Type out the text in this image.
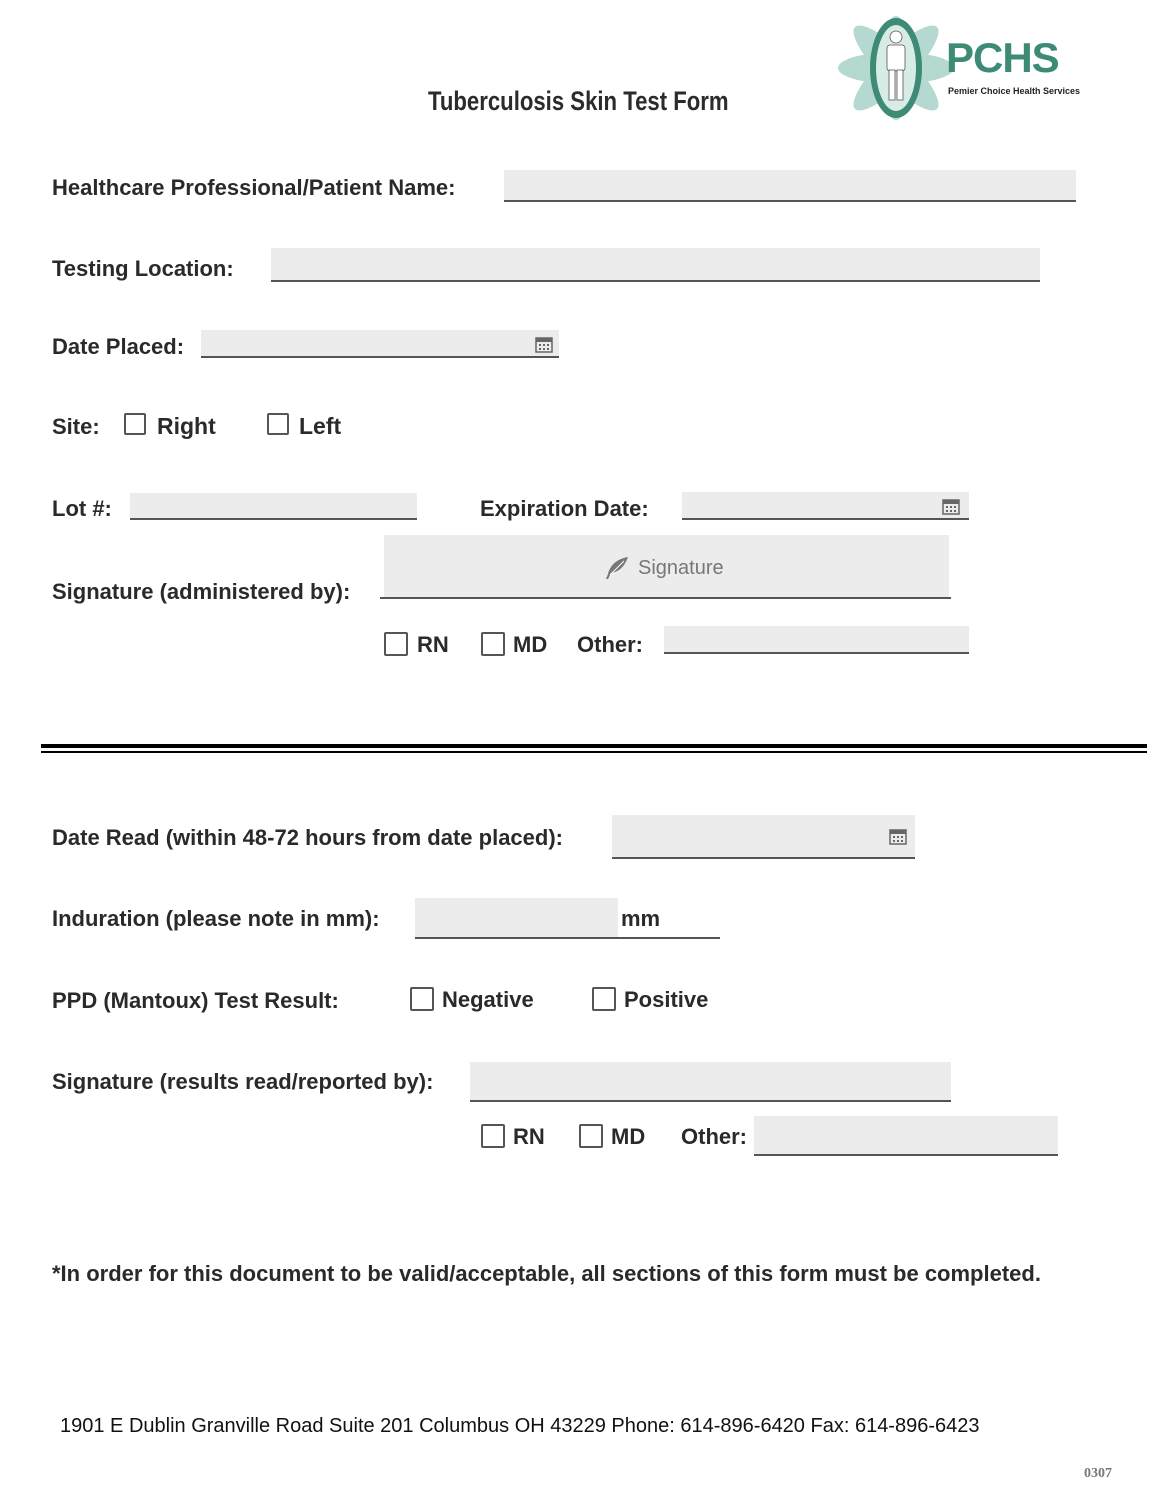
PCHS
Pemier Choice Health Services
Tuberculosis Skin Test Form
Healthcare Professional/Patient Name:
Testing Location:
Date Placed:
Site: Right	Left
Lot #:	Expiration Date:
Signature (administered by):
Signature
RN	MD Other:
Date Read (within 48-72 hours from date placed):
Induration (please note in mm):	mm
PPD (Mantoux) Test Result:	Negative	Positive
Signature (results read/reported by):
RN	MD Other:
*In order for this document to be valid/acceptable, all sections of this form must be completed.
1901 E Dublin Granville Road Suite 201 Columbus OH 43229 Phone: 614-896-6420 Fax: 614-896-6423
0307
